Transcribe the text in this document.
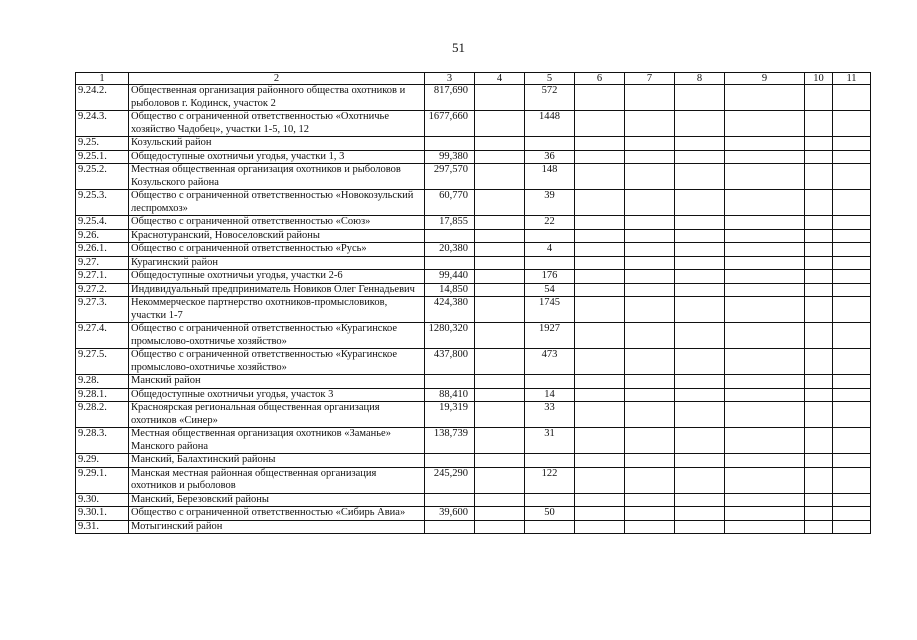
51
1	2	3	4	5	6	7	8	9	10	11
9.24.2.	Общественная организация районного общества охотников и рыболовов г. Кодинск, участок 2	817,690		572						
9.24.3.	Общество с ограниченной ответственностью «Охотничье хозяйство Чадобец», участки 1-5, 10, 12	1677,660		1448						
9.25.	Козульский район									
9.25.1.	Общедоступные охотничьи угодья, участки 1, 3	99,380		36						
9.25.2.	Местная общественная организация охотников и рыболовов Козульского района	297,570		148						
9.25.3.	Общество с ограниченной ответственностью «Новокозульский леспромхоз»	60,770		39						
9.25.4.	Общество с ограниченной ответственностью «Союз»	17,855		22						
9.26.	Краснотуранский, Новоселовский районы									
9.26.1.	Общество с ограниченной ответственностью «Русь»	20,380		4						
9.27.	Курагинский район									
9.27.1.	Общедоступные охотничьи угодья, участки 2-6	99,440		176						
9.27.2.	Индивидуальный предприниматель Новиков Олег Геннадьевич	14,850		54						
9.27.3.	Некоммерческое партнерство охотников-промысловиков, участки 1-7	424,380		1745						
9.27.4.	Общество с ограниченной ответственностью «Курагинское промыслово-охотничье хозяйство»	1280,320		1927						
9.27.5.	Общество с ограниченной ответственностью «Курагинское промыслово-охотничье хозяйство»	437,800		473						
9.28.	Манский район									
9.28.1.	Общедоступные охотничьи угодья, участок 3	88,410		14						
9.28.2.	Красноярская региональная общественная организация охотников «Синер»	19,319		33						
9.28.3.	Местная общественная организация охотников «Заманье» Манского района	138,739		31						
9.29.	Манский, Балахтинский районы									
9.29.1.	Манская местная районная общественная организация охотников и рыболовов	245,290		122						
9.30.	Манский, Березовский районы									
9.30.1.	Общество с ограниченной ответственностью «Сибирь Авиа»	39,600		50						
9.31.	Мотыгинский район									
